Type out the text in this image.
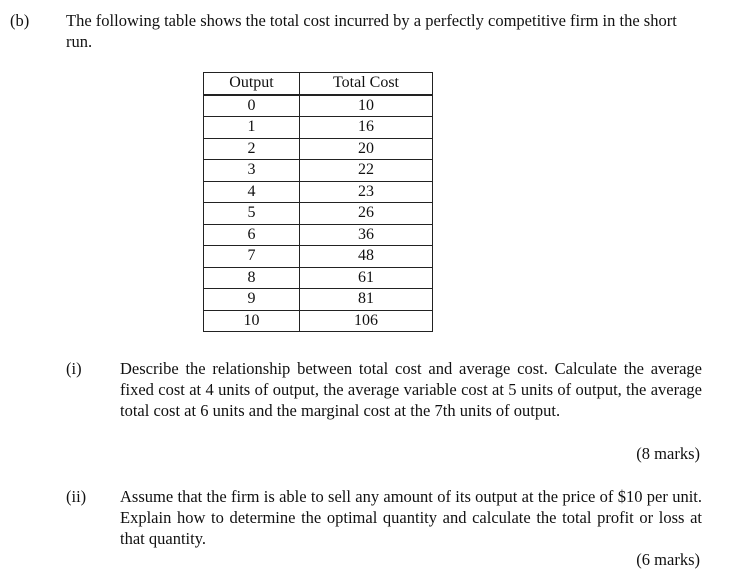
(b) The following table shows the total cost incurred by a perfectly competitive firm in the short run.
Output	Total Cost
0	10
1	16
2	20
3	22
4	23
5	26
6	36
7	48
8	61
9	81
10	106
(i) Describe the relationship between total cost and average cost. Calculate the average fixed cost at 4 units of output, the average variable cost at 5 units of output, the average total cost at 6 units and the marginal cost at the 7th units of output.
(8 marks)
(ii) Assume that the firm is able to sell any amount of its output at the price of $10 per unit. Explain how to determine the optimal quantity and calculate the total profit or loss at that quantity.
(6 marks)
